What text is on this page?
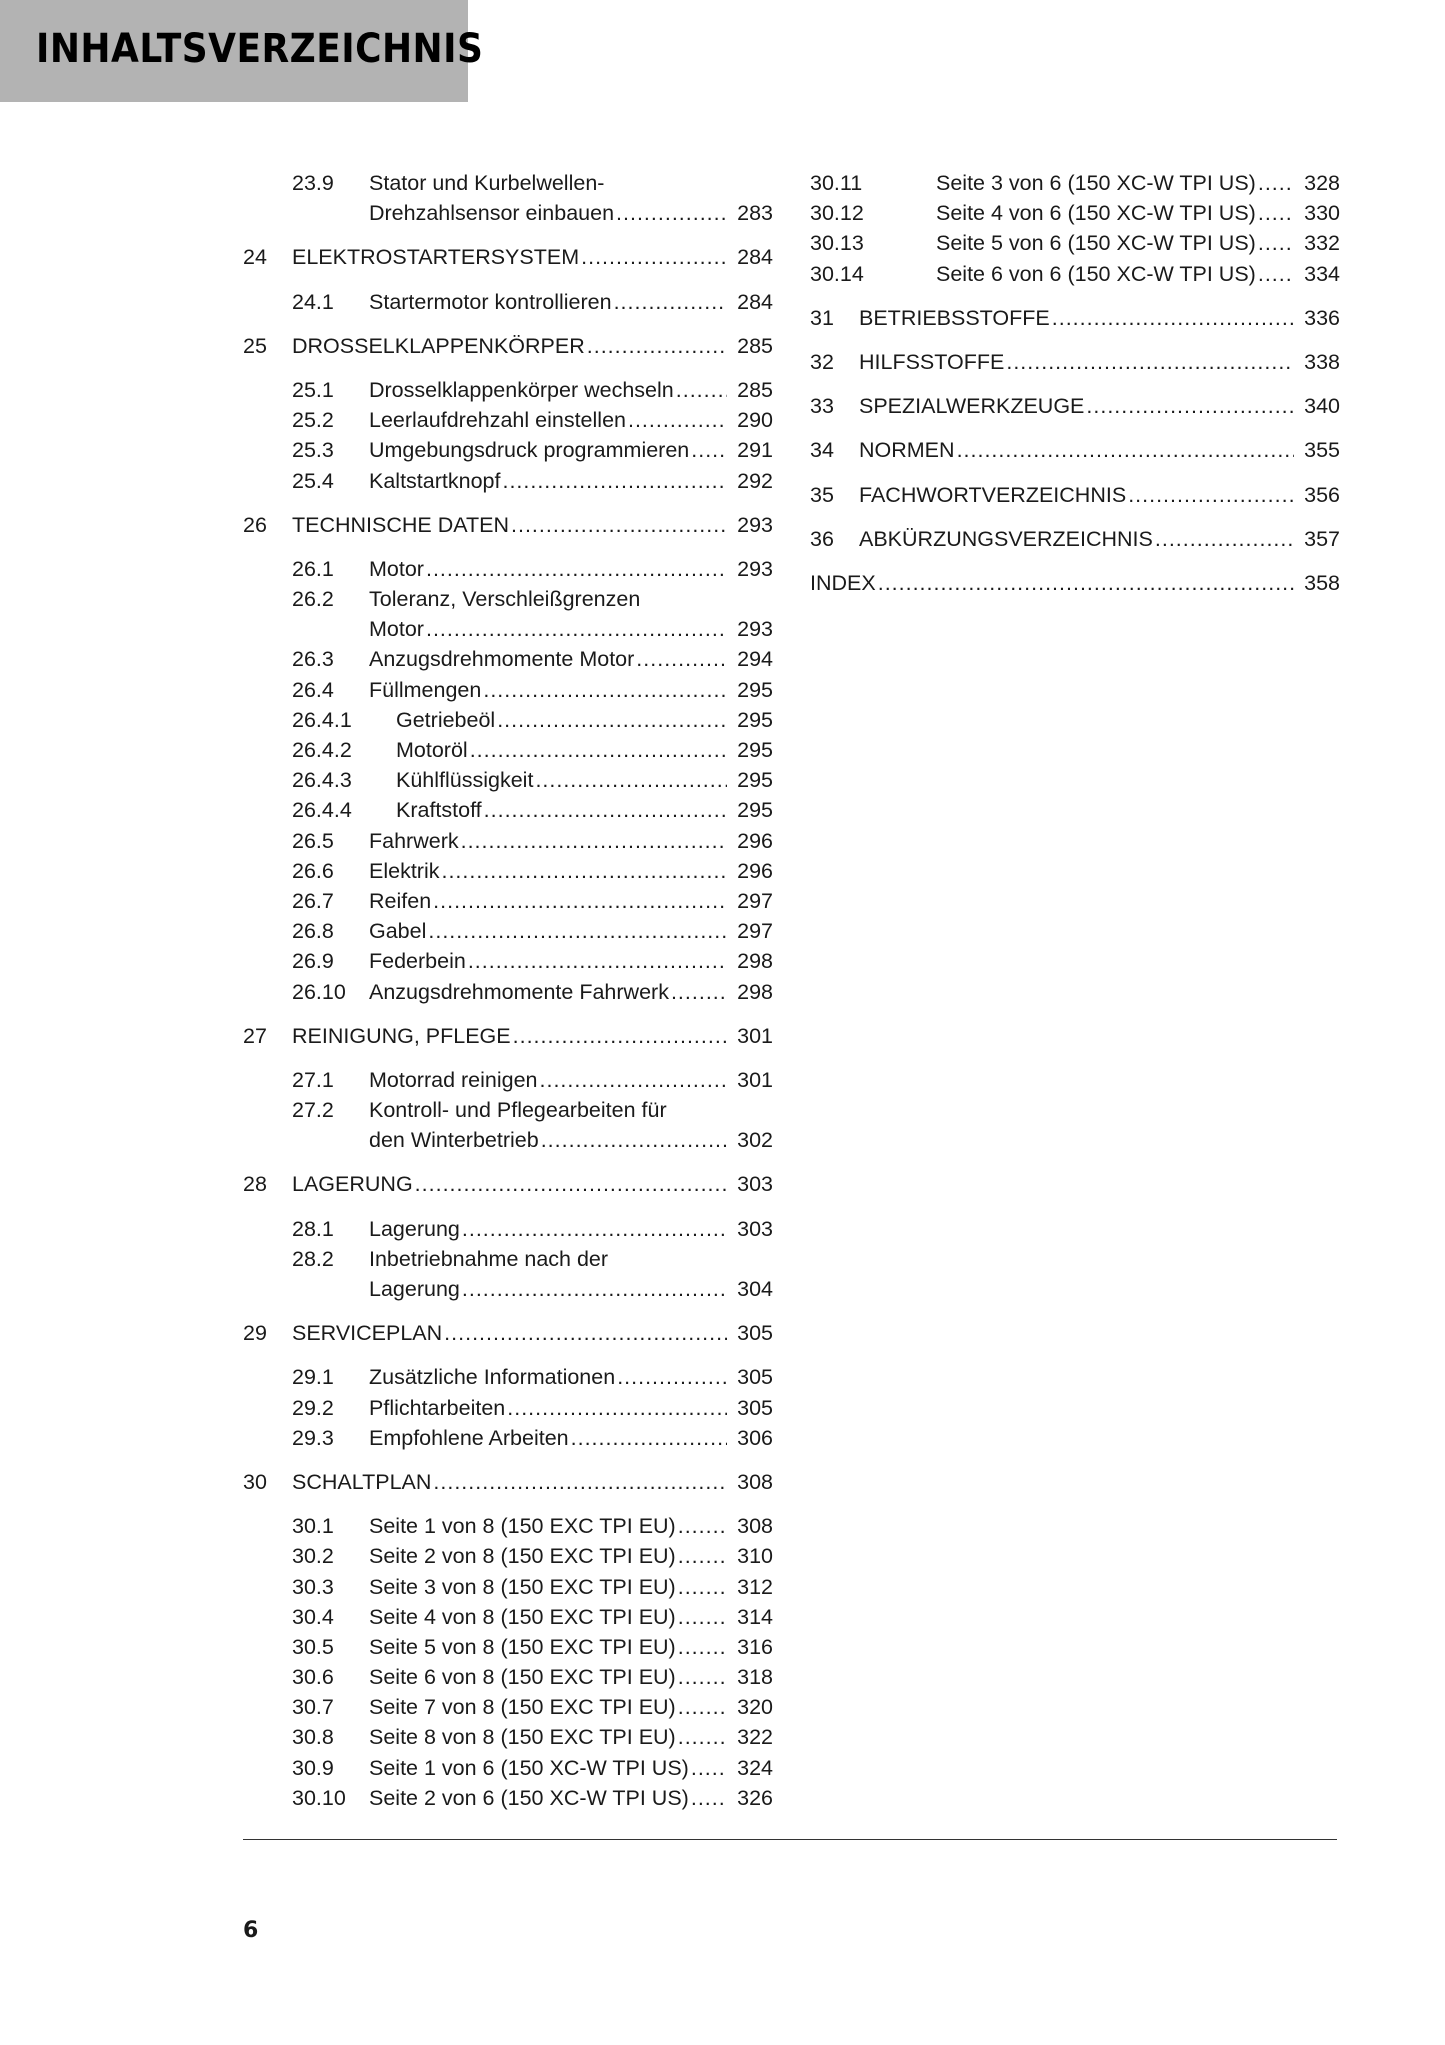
INHALTSVERZEICHNIS
23.9	Stator und Kurbelwellen-
Drehzahlsensor einbauen .....	283
24	ELEKTROSTARTERSYSTEM .....	284
24.1	Startermotor kontrollieren .....	284
25	DROSSELKLAPPENKÖRPER .....	285
25.1	Drosselklappenkörper wechseln .....	285
25.2	Leerlaufdrehzahl einstellen .....	290
25.3	Umgebungsdruck programmieren ..... 291
25.4	Kaltstartknopf .....	292
26	TECHNISCHE DATEN .....	293
26.1	Motor .....	293
26.2	Toleranz, Verschleißgrenzen
Motor .....	293
26.3	Anzugsdrehmomente Motor .....	294
26.4	Füllmengen .....	295
26.4.1	Getriebeöl .....	295
26.4.2	Motoröl .....	295
26.4.3	Kühlflüssigkeit .....	295
26.4.4	Kraftstoff .....	295
26.5	Fahrwerk .....	296
26.6	Elektrik .....	296
26.7	Reifen .....	297
26.8	Gabel .....	297
26.9	Federbein .....	298
26.10	Anzugsdrehmomente Fahrwerk .....	298
27	REINIGUNG, PFLEGE .....	301
27.1	Motorrad reinigen .....	301
27.2	Kontroll- und Pflegearbeiten für
den Winterbetrieb .....	302
28	LAGERUNG .....	303
28.1	Lagerung .....	303
28.2	Inbetriebnahme nach der
Lagerung .....	304
29	SERVICEPLAN .....	305
29.1	Zusätzliche Informationen .....	305
29.2	Pflichtarbeiten .....	305
29.3	Empfohlene Arbeiten .....	306
30	SCHALTPLAN .....	308
30.1	Seite 1 von 8 (150 EXC TPI EU) .....	308
30.2	Seite 2 von 8 (150 EXC TPI EU) .....	310
30.3	Seite 3 von 8 (150 EXC TPI EU) .....	312
30.4	Seite 4 von 8 (150 EXC TPI EU) .....	314
30.5	Seite 5 von 8 (150 EXC TPI EU) .....	316
30.6	Seite 6 von 8 (150 EXC TPI EU) .....	318
30.7	Seite 7 von 8 (150 EXC TPI EU) .....	320
30.8	Seite 8 von 8 (150 EXC TPI EU) .....	322
30.9	Seite 1 von 6 (150 XC-W TPI US) ..... 324
30.10	Seite 2 von 6 (150 XC-W TPI US) ..... 326
30.11	Seite 3 von 6 (150 XC-W TPI US) ..... 328
30.12	Seite 4 von 6 (150 XC-W TPI US) ..... 330
30.13	Seite 5 von 6 (150 XC-W TPI US) ..... 332
30.14	Seite 6 von 6 (150 XC-W TPI US) ..... 334
31	BETRIEBSSTOFFE .....	336
32	HILFSSTOFFE .....	338
33	SPEZIALWERKZEUGE .....	340
34	NORMEN .....	355
35	FACHWORTVERZEICHNIS .....	356
36	ABKÜRZUNGSVERZEICHNIS .....	357
INDEX .....	358
6
